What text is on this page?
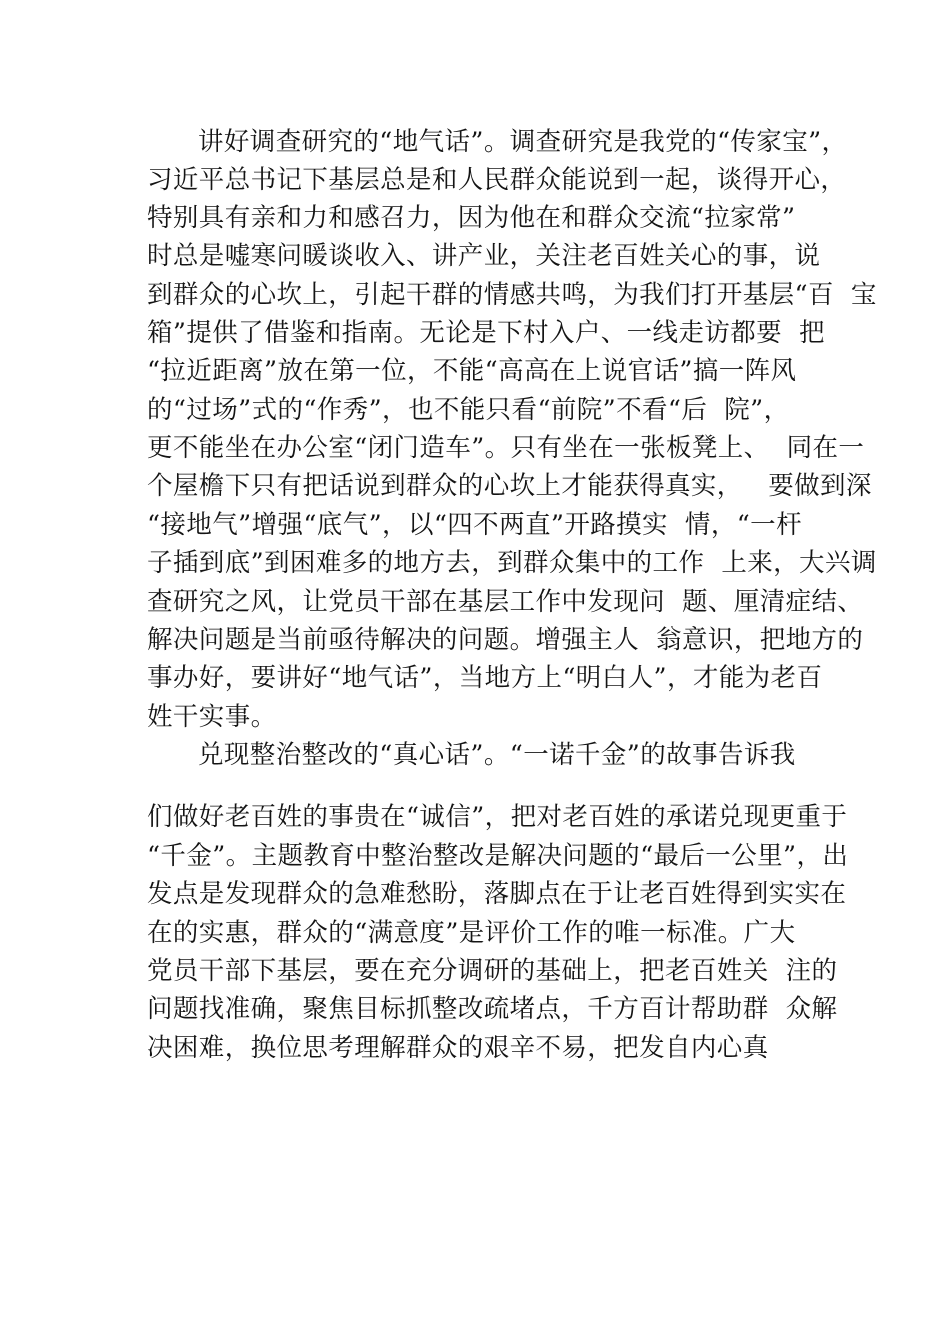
讲好调查研究的“地气话”。调查研究是我党的“传家宝”，
习近平总书记下基层总是和人民群众能说到一起，谈得开心，
特别具有亲和力和感召力，因为他在和群众交流“拉家常”
时总是嘘寒问暖谈收入、讲产业，关注老百姓关心的事，说
到群众的心坎上，引起干群的情感共鸣，为我们打开基层“百  宝
箱”提供了借鉴和指南。无论是下村入户、一线走访都要  把
“拉近距离”放在第一位，不能“高高在上说官话”搞一阵风
的“过场”式的“作秀”，也不能只看“前院”不看“后  院”，
更不能坐在办公室“闭门造车”。只有坐在一张板凳上、  同在一
个屋檐下只有把话说到群众的心坎上才能获得真实，   要做到深
“接地气”增强“底气”，以“四不两直”开路摸实  情，“一杆
子插到底”到困难多的地方去，到群众集中的工作  上来，大兴调
查研究之风，让党员干部在基层工作中发现问  题、厘清症结、
解决问题是当前亟待解决的问题。增强主人  翁意识，把地方的
事办好，要讲好“地气话”，当地方上“明白人”，才能为老百
姓干实事。
兑现整治整改的“真心话”。“一诺千金”的故事告诉我
们做好老百姓的事贵在“诚信”，把对老百姓的承诺兑现更重于
“千金”。主题教育中整治整改是解决问题的“最后一公里”，出
发点是发现群众的急难愁盼，落脚点在于让老百姓得到实实在
在的实惠，群众的“满意度”是评价工作的唯一标准。广大
党员干部下基层，要在充分调研的基础上，把老百姓关  注的
问题找准确，聚焦目标抓整改疏堵点，千方百计帮助群  众解
决困难，换位思考理解群众的艰辛不易，把发自内心真
